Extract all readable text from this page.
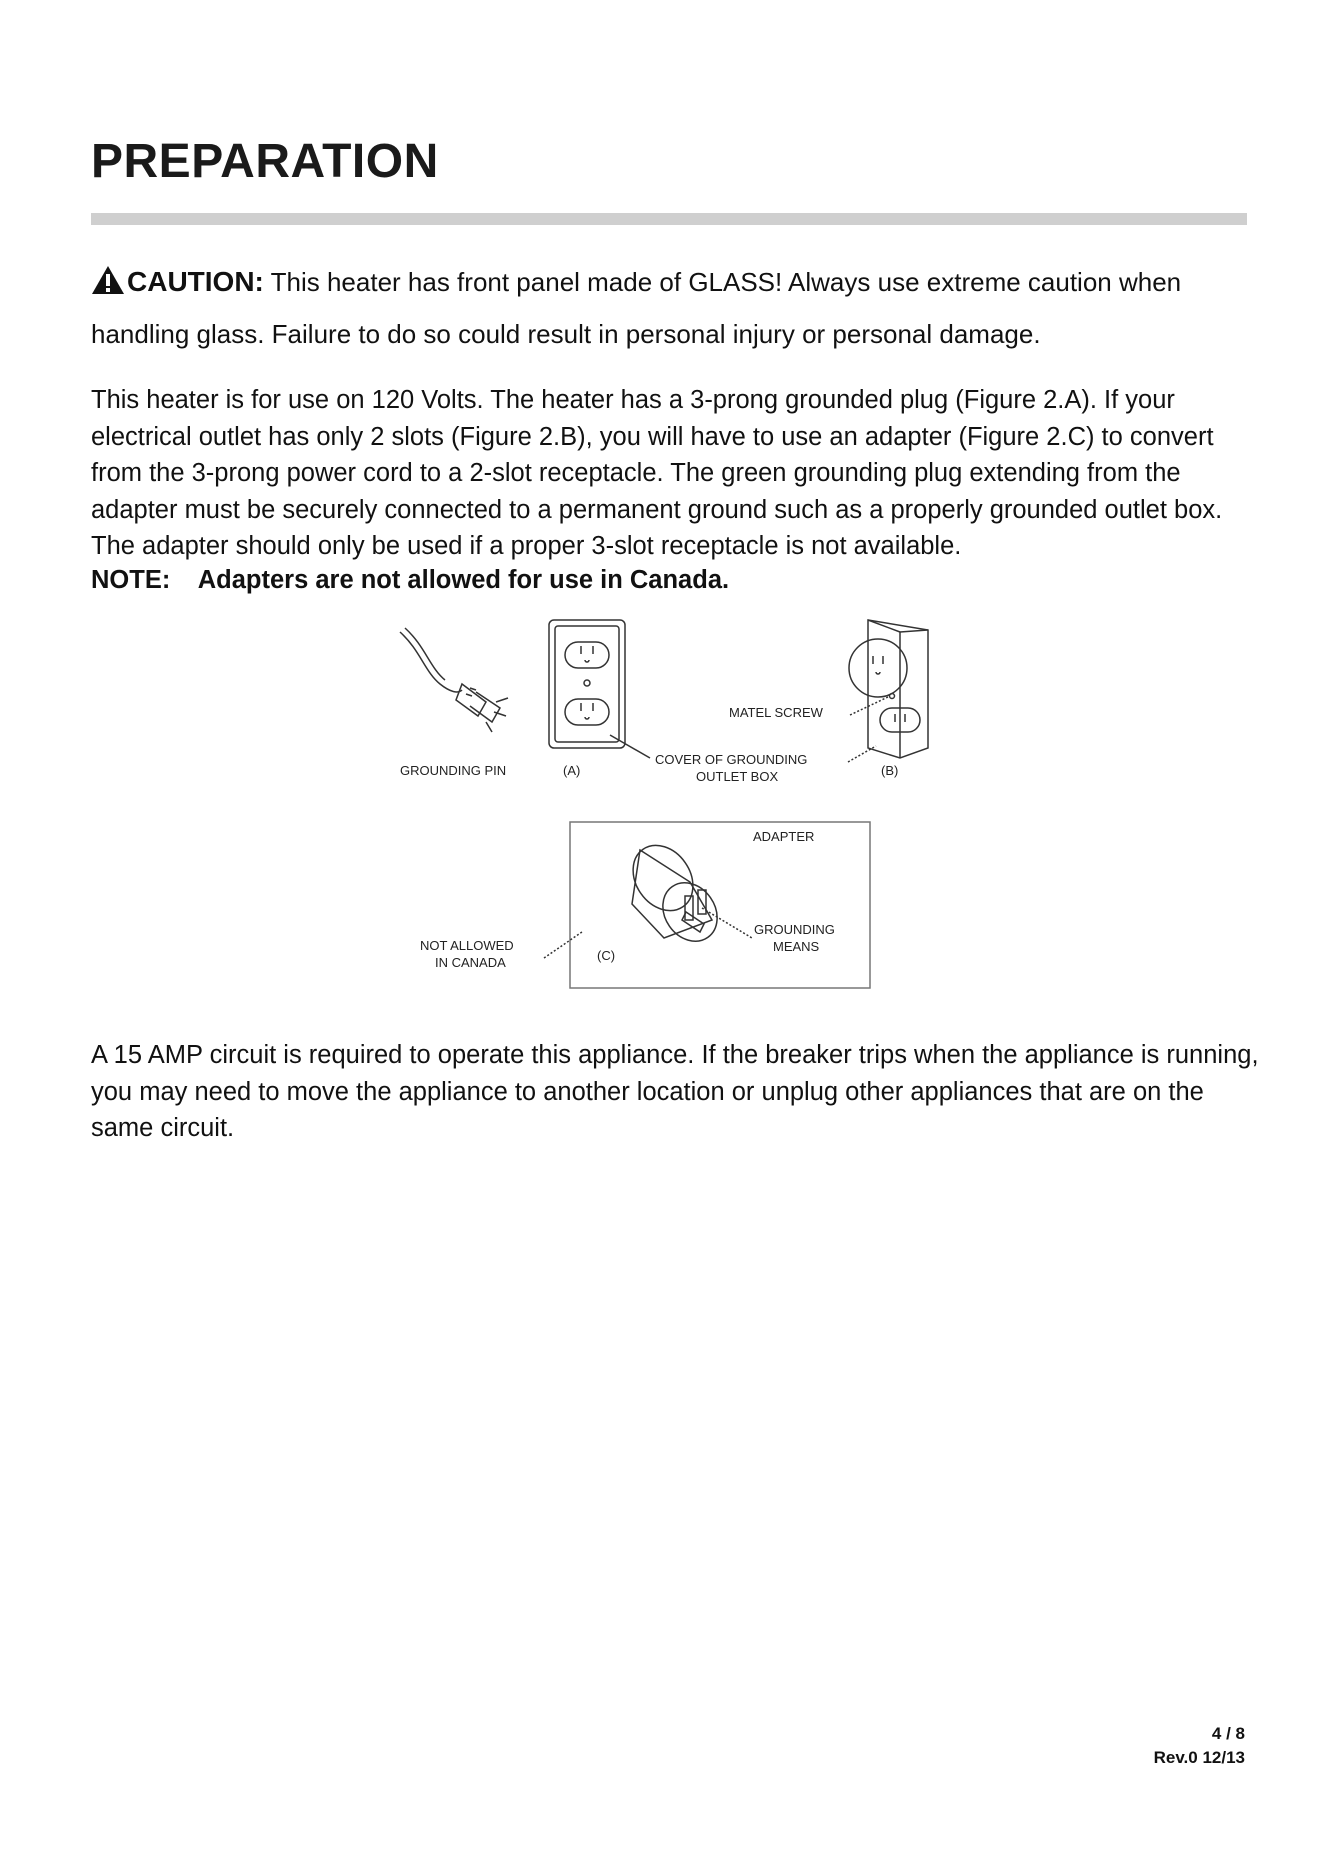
PREPARATION
CAUTION: This heater has front panel made of GLASS! Always use extreme caution when handling glass. Failure to do so could result in personal injury or personal damage.

This heater is for use on 120 Volts. The heater has a 3-prong grounded plug (Figure 2.A). If your electrical outlet has only 2 slots (Figure 2.B), you will have to use an adapter (Figure 2.C) to convert from the 3-prong power cord to a 2-slot receptacle. The green grounding plug extending from the adapter must be securely connected to a permanent ground such as a properly grounded outlet box. The adapter should only be used if a proper 3-slot receptacle is not available.

NOTE:    Adapters are not allowed for use in Canada.
GROUNDING PIN	(A)
MATEL SCREW
COVER OF GROUNDING
OUTLET BOX	(B)
ADAPTER
GROUNDING
MEANS
NOT ALLOWED
IN CANADA	(C)

A 15 AMP circuit is required to operate this appliance. If the breaker trips when the appliance is running, you may need to move the appliance to another location or unplug other appliances that are on the same circuit.

4 / 8
Rev.0 12/13
